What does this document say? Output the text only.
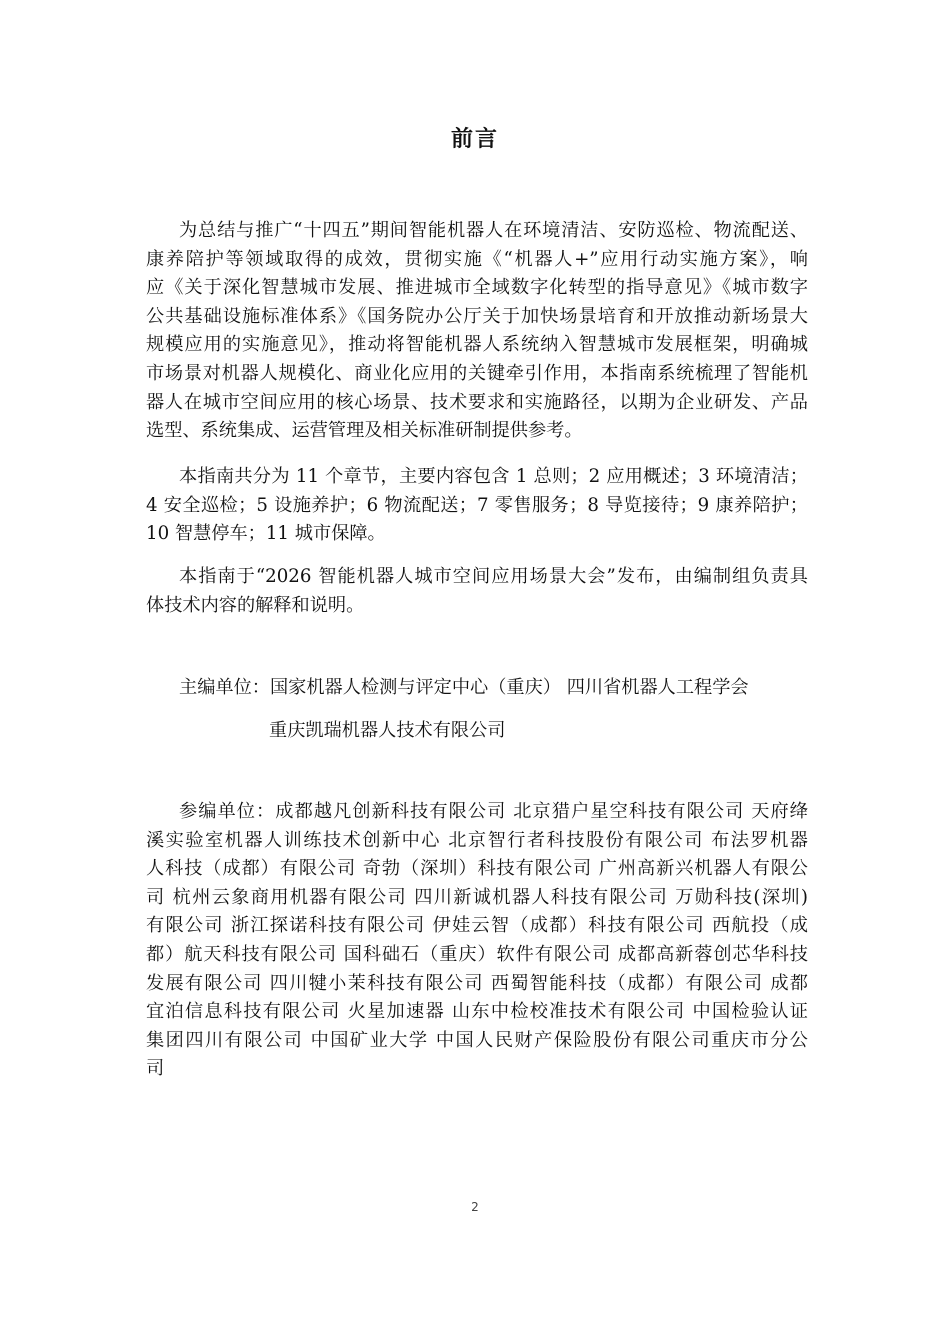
前言
为总结与推广“十四五”期间智能机器人在环境清洁、安防巡检、物流配送、
康养陪护等领域取得的成效，贯彻实施《“机器人+”应用行动实施方案》，响
应《关于深化智慧城市发展、推进城市全域数字化转型的指导意见》《城市数字
公共基础设施标准体系》《国务院办公厅关于加快场景培育和开放推动新场景大
规模应用的实施意见》，推动将智能机器人系统纳入智慧城市发展框架，明确城
市场景对机器人规模化、商业化应用的关键牵引作用，本指南系统梳理了智能机
器人在城市空间应用的核心场景、技术要求和实施路径，以期为企业研发、产品
选型、系统集成、运营管理及相关标准研制提供参考。
本指南共分为 11 个章节，主要内容包含 1 总则；2 应用概述；3 环境清洁；
4 安全巡检；5 设施养护；6 物流配送；7 零售服务；8 导览接待；9 康养陪护；
10 智慧停车；11 城市保障。
本指南于“2026 智能机器人城市空间应用场景大会”发布，由编制组负责具
体技术内容的解释和说明。
主编单位：国家机器人检测与评定中心（重庆） 四川省机器人工程学会
重庆凯瑞机器人技术有限公司
参编单位：成都越凡创新科技有限公司 北京猎户星空科技有限公司 天府绛
溪实验室机器人训练技术创新中心 北京智行者科技股份有限公司 布法罗机器
人科技（成都）有限公司 奇勃（深圳）科技有限公司 广州高新兴机器人有限公
司 杭州云象商用机器有限公司 四川新诚机器人科技有限公司 万勋科技(深圳)
有限公司 浙江探诺科技有限公司 伊娃云智（成都）科技有限公司 西航投（成
都）航天科技有限公司 国科础石（重庆）软件有限公司 成都高新蓉创芯华科技
发展有限公司 四川犍小茉科技有限公司 西蜀智能科技（成都）有限公司 成都
宜泊信息科技有限公司 火星加速器 山东中检校准技术有限公司 中国检验认证
集团四川有限公司 中国矿业大学 中国人民财产保险股份有限公司重庆市分公
司
2
